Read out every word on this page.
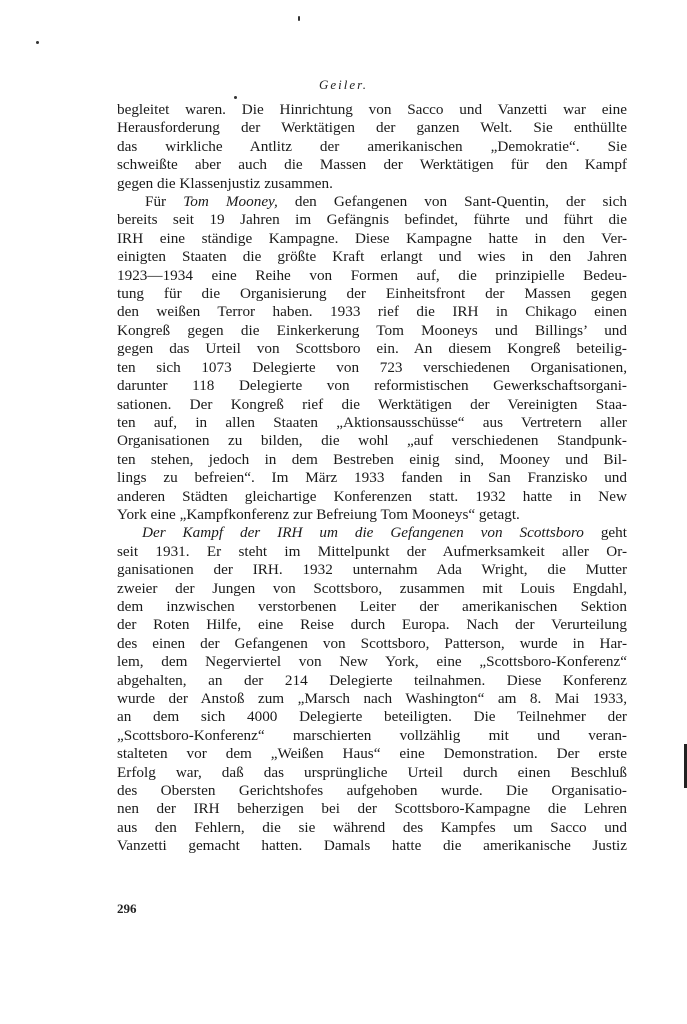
Geiler.
begleitet waren. Die Hinrichtung von Sacco und Vanzetti war eine
Herausforderung der Werktätigen der ganzen Welt. Sie enthüllte
das wirkliche Antlitz der amerikanischen „Demokratie“. Sie
schweißte aber auch die Massen der Werktätigen für den Kampf
gegen die Klassenjustiz zusammen.
Für Tom Mooney, den Gefangenen von Sant-Quentin, der sich
bereits seit 19 Jahren im Gefängnis befindet, führte und führt die
IRH eine ständige Kampagne. Diese Kampagne hatte in den Ver-
einigten Staaten die größte Kraft erlangt und wies in den Jahren
1923—1934 eine Reihe von Formen auf, die prinzipielle Bedeu-
tung für die Organisierung der Einheitsfront der Massen gegen
den weißen Terror haben. 1933 rief die IRH in Chikago einen
Kongreß gegen die Einkerkerung Tom Mooneys und Billings’ und
gegen das Urteil von Scottsboro ein. An diesem Kongreß beteilig-
ten sich 1073 Delegierte von 723 verschiedenen Organisationen,
darunter 118 Delegierte von reformistischen Gewerkschaftsorgani-
sationen. Der Kongreß rief die Werktätigen der Vereinigten Staa-
ten auf, in allen Staaten „Aktionsausschüsse“ aus Vertretern aller
Organisationen zu bilden, die wohl „auf verschiedenen Standpunk-
ten stehen, jedoch in dem Bestreben einig sind, Mooney und Bil-
lings zu befreien“. Im März 1933 fanden in San Franzisko und
anderen Städten gleichartige Konferenzen statt. 1932 hatte in New
York eine „Kampfkonferenz zur Befreiung Tom Mooneys“ getagt.
Der Kampf der IRH um die Gefangenen von Scottsboro geht
seit 1931. Er steht im Mittelpunkt der Aufmerksamkeit aller Or-
ganisationen der IRH. 1932 unternahm Ada Wright, die Mutter
zweier der Jungen von Scottsboro, zusammen mit Louis Engdahl,
dem inzwischen verstorbenen Leiter der amerikanischen Sektion
der Roten Hilfe, eine Reise durch Europa. Nach der Verurteilung
des einen der Gefangenen von Scottsboro, Patterson, wurde in Har-
lem, dem Negerviertel von New York, eine „Scottsboro-Konferenz“
abgehalten, an der 214 Delegierte teilnahmen. Diese Konferenz
wurde der Anstoß zum „Marsch nach Washington“ am 8. Mai 1933,
an dem sich 4000 Delegierte beteiligten. Die Teilnehmer der
„Scottsboro-Konferenz“ marschierten vollzählig mit und veran-
stalteten vor dem „Weißen Haus“ eine Demonstration. Der erste
Erfolg war, daß das ursprüngliche Urteil durch einen Beschluß
des Obersten Gerichtshofes aufgehoben wurde. Die Organisatio-
nen der IRH beherzigen bei der Scottsboro-Kampagne die Lehren
aus den Fehlern, die sie während des Kampfes um Sacco und
Vanzetti gemacht hatten. Damals hatte die amerikanische Justiz
296
